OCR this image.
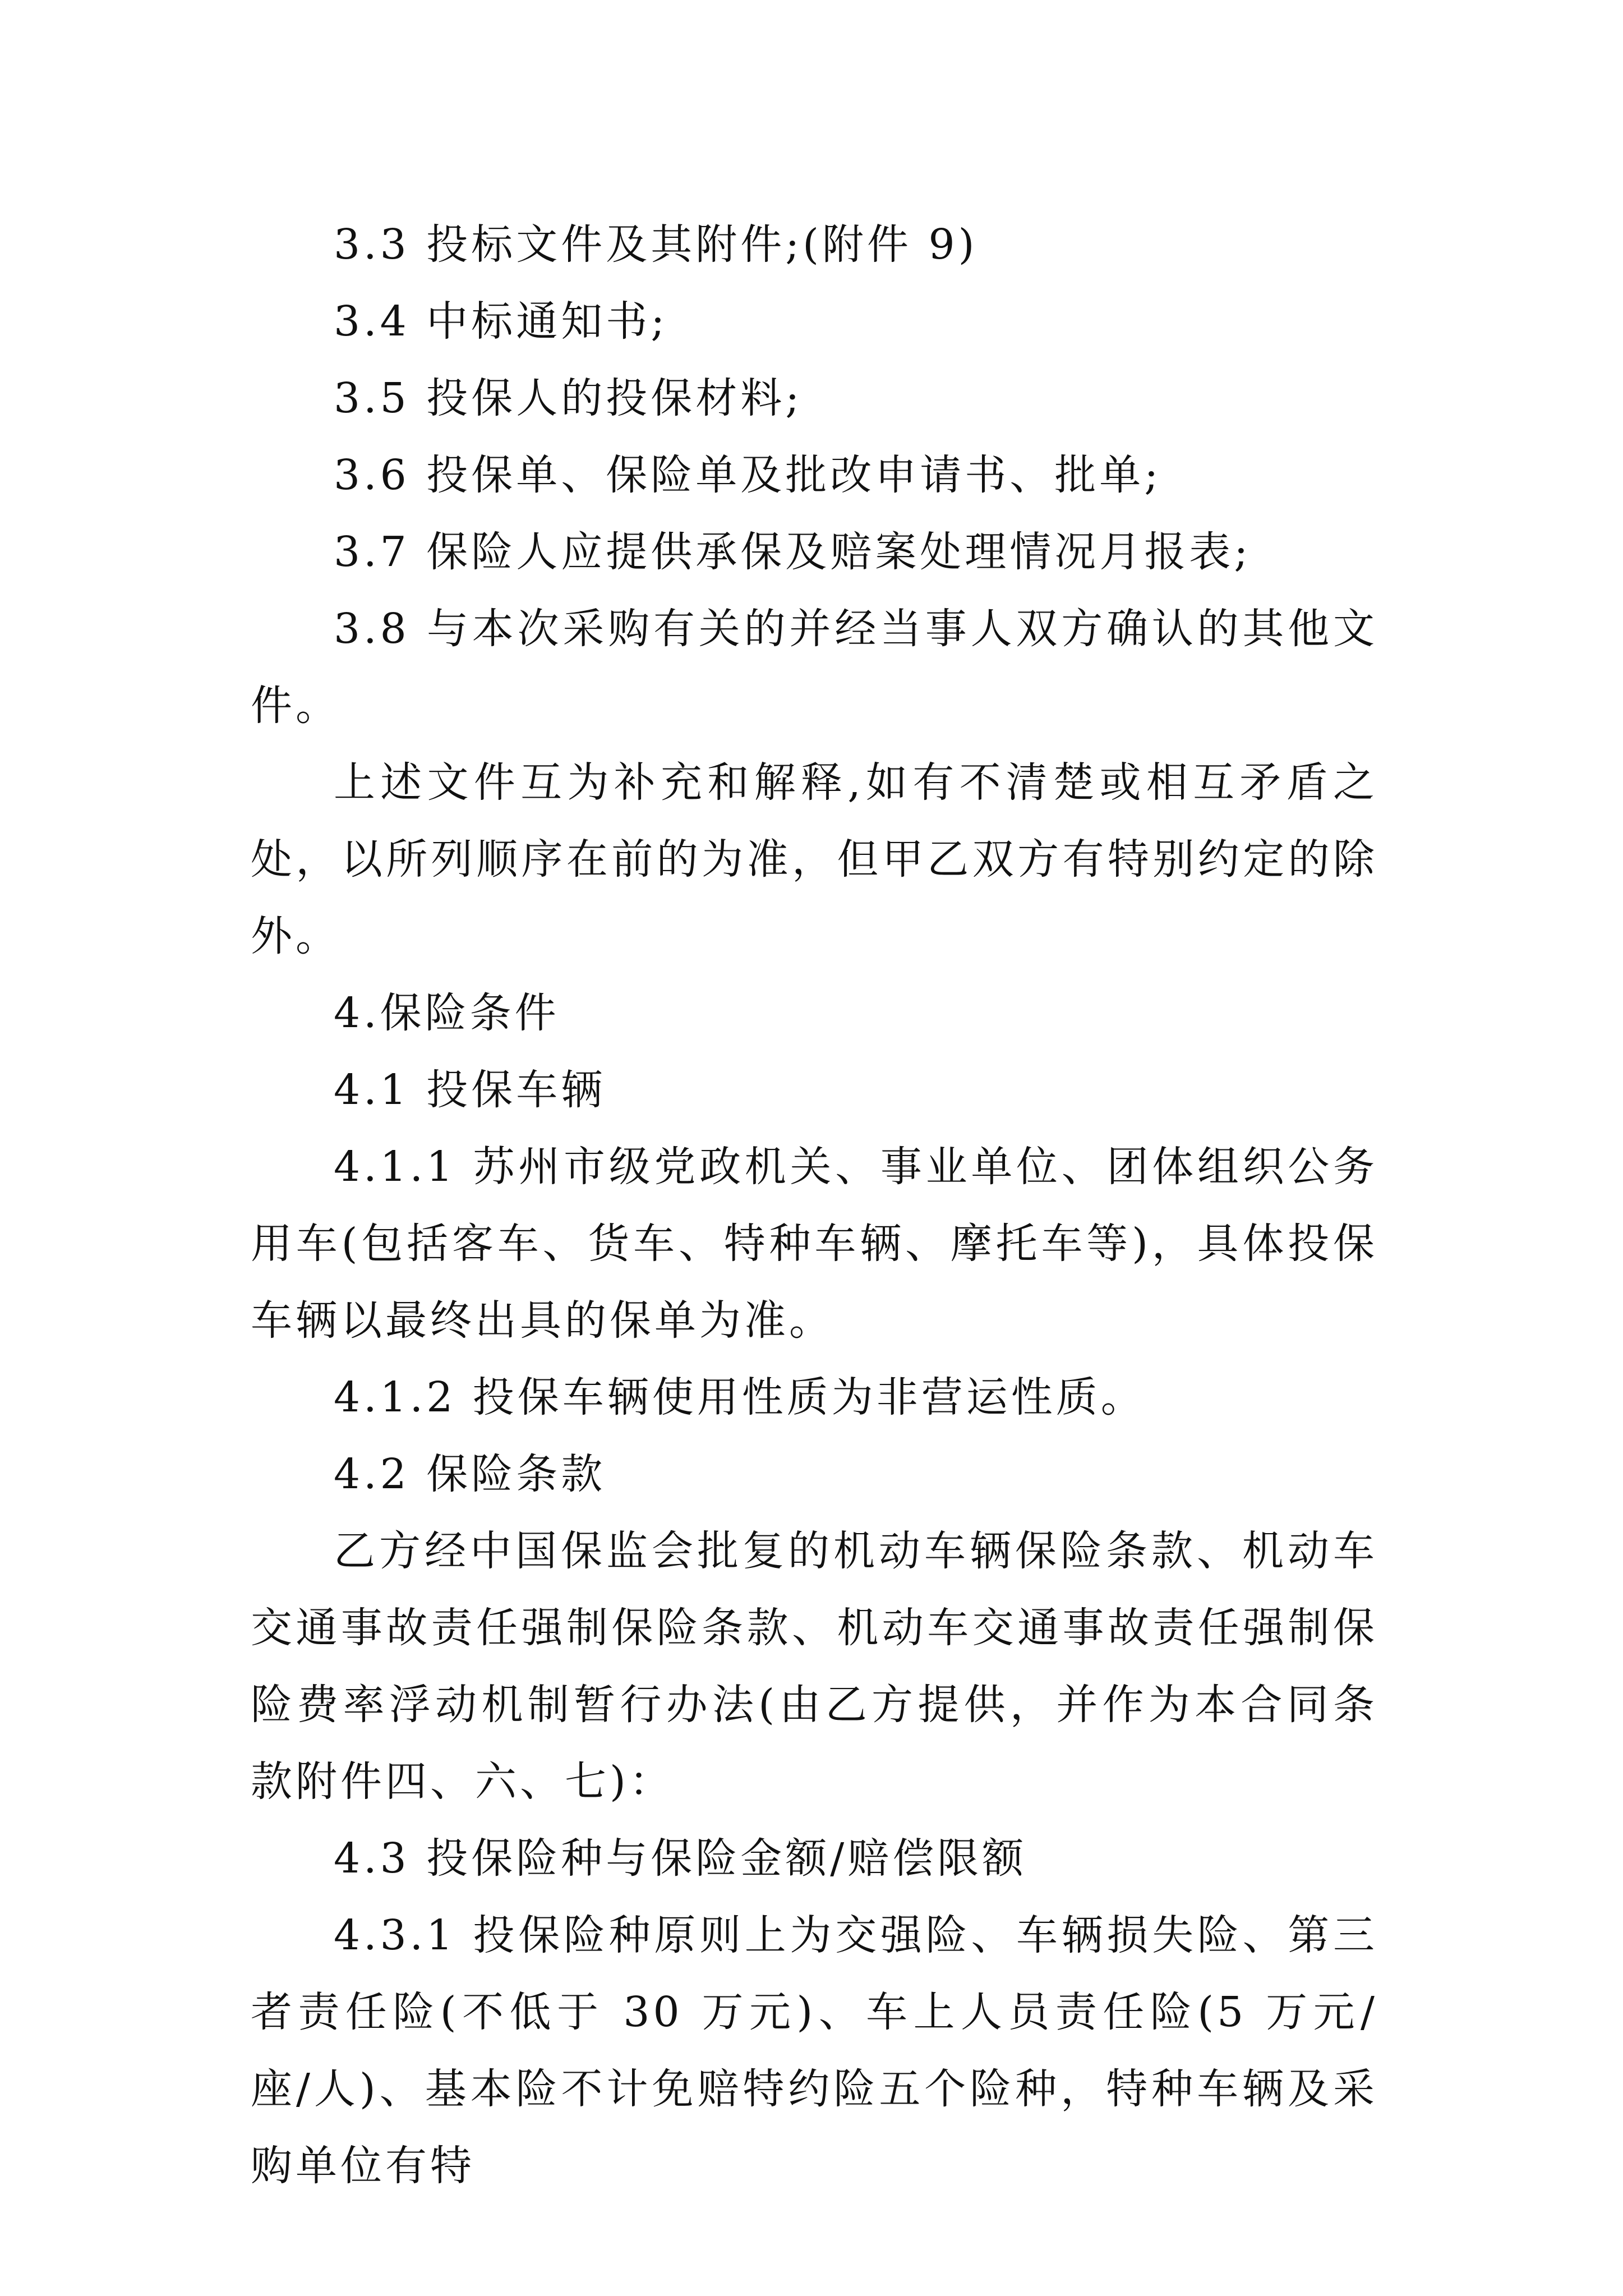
3.3 投标文件及其附件;(附件 9)

3.4 中标通知书;

3.5 投保人的投保材料;

3.6 投保单、保险单及批改申请书、批单;

3.7 保险人应提供承保及赔案处理情况月报表;

3.8 与本次采购有关的并经当事人双方确认的其他文件。

上述文件互为补充和解释,如有不清楚或相互矛盾之处，以所列顺序在前的为准，但甲乙双方有特别约定的除外。

4.保险条件

4.1 投保车辆

4.1.1 苏州市级党政机关、事业单位、团体组织公务用车(包括客车、货车、特种车辆、摩托车等)，具体投保车辆以最终出具的保单为准。

4.1.2 投保车辆使用性质为非营运性质。

4.2 保险条款

乙方经中国保监会批复的机动车辆保险条款、机动车交通事故责任强制保险条款、机动车交通事故责任强制保险费率浮动机制暂行办法(由乙方提供，并作为本合同条款附件四、六、七)：

4.3 投保险种与保险金额/赔偿限额

4.3.1 投保险种原则上为交强险、车辆损失险、第三者责任险(不低于 30 万元)、车上人员责任险(5 万元/座/人)、基本险不计免赔特约险五个险种，特种车辆及采购单位有特
